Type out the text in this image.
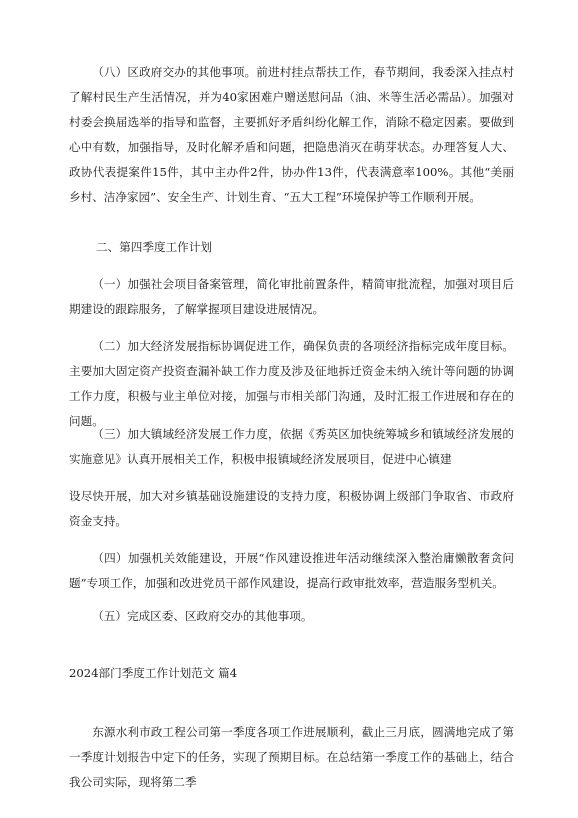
（八）区政府交办的其他事项。前进村挂点帮扶工作，春节期间，我委深入挂点村了解村民生产生活情况，并为40家困难户赠送慰问品（油、米等生活必需品）。加强对村委会换届选举的指导和监督，主要抓好矛盾纠纷化解工作，消除不稳定因素。要做到心中有数，加强指导，及时化解矛盾和问题，把隐患消灭在萌芽状态。办理答复人大、政协代表提案件15件，其中主办件2件，协办件13件，代表满意率100%。其他“美丽乡村、洁净家园”、安全生产、计划生育、“五大工程”环境保护等工作顺利开展。

二、第四季度工作计划

（一）加强社会项目备案管理，简化审批前置条件，精简审批流程，加强对项目后期建设的跟踪服务，了解掌握项目建设进展情况。

（二）加大经济发展指标协调促进工作，确保负责的各项经济指标完成年度目标。主要加大固定资产投资查漏补缺工作力度及涉及征地拆迁资金未纳入统计等问题的协调工作力度，积极与业主单位对接，加强与市相关部门沟通，及时汇报工作进展和存在的问题。

（三）加大镇域经济发展工作力度，依据《秀英区加快统筹城乡和镇域经济发展的实施意见》认真开展相关工作，积极申报镇域经济发展项目，促进中心镇建

设尽快开展，加大对乡镇基础设施建设的支持力度，积极协调上级部门争取省、市政府资金支持。

（四）加强机关效能建设，开展“作风建设推进年活动继续深入整治庸懒散奢贪问题”专项工作，加强和改进党员干部作风建设，提高行政审批效率，营造服务型机关。

（五）完成区委、区政府交办的其他事项。

2024部门季度工作计划范文 篇4

东源水利市政工程公司第一季度各项工作进展顺利，截止三月底，圆满地完成了第一季度计划报告中定下的任务，实现了预期目标。在总结第一季度工作的基础上，结合我公司实际，现将第二季
